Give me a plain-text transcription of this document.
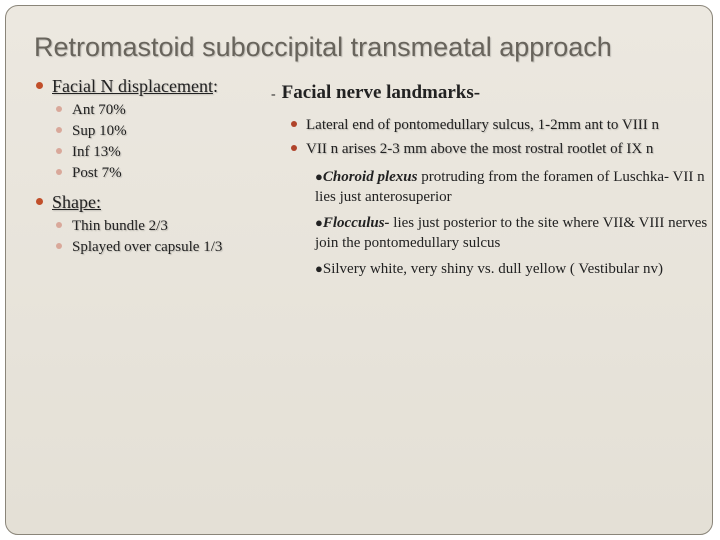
Retromastoid suboccipital transmeatal approach
Facial N displacement:
Ant 70%
Sup 10%
Inf 13%
Post 7%
Shape:
Thin bundle 2/3
Splayed over capsule 1/3
- Facial nerve landmarks-
Lateral end of pontomedullary sulcus, 1-2mm ant to VIII n
VII n arises 2-3 mm above the most rostral rootlet of IX n
●Choroid plexus protruding from the foramen of Luschka- VII n lies just anterosuperior
●Flocculus- lies just posterior to the site where VII& VIII nerves join the pontomedullary sulcus
●Silvery white, very shiny vs. dull yellow ( Vestibular nv)
